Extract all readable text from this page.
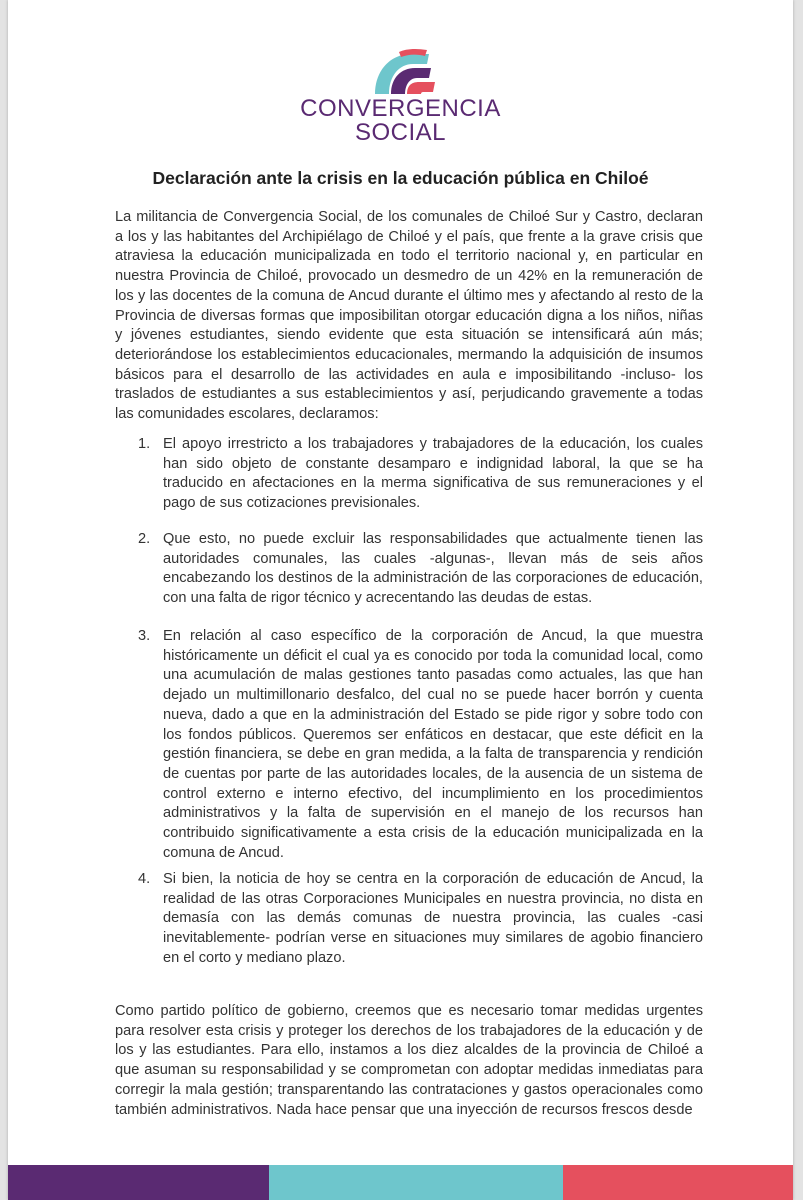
CONVERGENCIA
SOCIAL
Declaración ante la crisis en la educación pública en Chiloé
La militancia de Convergencia Social, de los comunales de Chiloé Sur y Castro, declaran a los y las habitantes del Archipiélago de Chiloé y el país, que frente a la grave crisis que atraviesa la educación municipalizada en todo el territorio nacional y, en particular en nuestra Provincia de Chiloé, provocado un desmedro de un 42% en la remuneración de los y las docentes de la comuna de Ancud durante el último mes y afectando al resto de la Provincia de diversas formas que imposibilitan otorgar educación digna a los niños, niñas y jóvenes estudiantes, siendo evidente que esta situación se intensificará aún más; deteriorándose los establecimientos educacionales, mermando la adquisición de insumos básicos para el desarrollo de las actividades en aula e imposibilitando -incluso- los traslados de estudiantes a sus establecimientos y así, perjudicando gravemente a todas las comunidades escolares, declaramos:
1. El apoyo irrestricto a los trabajadores y trabajadores de la educación, los cuales han sido objeto de constante desamparo e indignidad laboral, la que se ha traducido en afectaciones en la merma significativa de sus remuneraciones y el pago de sus cotizaciones previsionales.
2. Que esto, no puede excluir las responsabilidades que actualmente tienen las autoridades comunales, las cuales -algunas-, llevan más de seis años encabezando los destinos de la administración de las corporaciones de educación, con una falta de rigor técnico y acrecentando las deudas de estas.
3. En relación al caso específico de la corporación de Ancud, la que muestra históricamente un déficit el cual ya es conocido por toda la comunidad local, como una acumulación de malas gestiones tanto pasadas como actuales, las que han dejado un multimillonario desfalco, del cual no se puede hacer borrón y cuenta nueva, dado a que en la administración del Estado se pide rigor y sobre todo con los fondos públicos. Queremos ser enfáticos en destacar, que este déficit en la gestión financiera, se debe en gran medida, a la falta de transparencia y rendición de cuentas por parte de las autoridades locales, de la ausencia de un sistema de control externo e interno efectivo, del incumplimiento en los procedimientos administrativos y la falta de supervisión en el manejo de los recursos han contribuido significativamente a esta crisis de la educación municipalizada en la comuna de Ancud.
4. Si bien, la noticia de hoy se centra en la corporación de educación de Ancud, la realidad de las otras Corporaciones Municipales en nuestra provincia, no dista en demasía con las demás comunas de nuestra provincia, las cuales -casi inevitablemente- podrían verse en situaciones muy similares de agobio financiero en el corto y mediano plazo.
Como partido político de gobierno, creemos que es necesario tomar medidas urgentes para resolver esta crisis y proteger los derechos de los trabajadores de la educación y de los y las estudiantes. Para ello, instamos a los diez alcaldes de la provincia de Chiloé a que asuman su responsabilidad y se comprometan con adoptar medidas inmediatas para corregir la mala gestión; transparentando las contrataciones y gastos operacionales como también administrativos. Nada hace pensar que una inyección de recursos frescos desde
